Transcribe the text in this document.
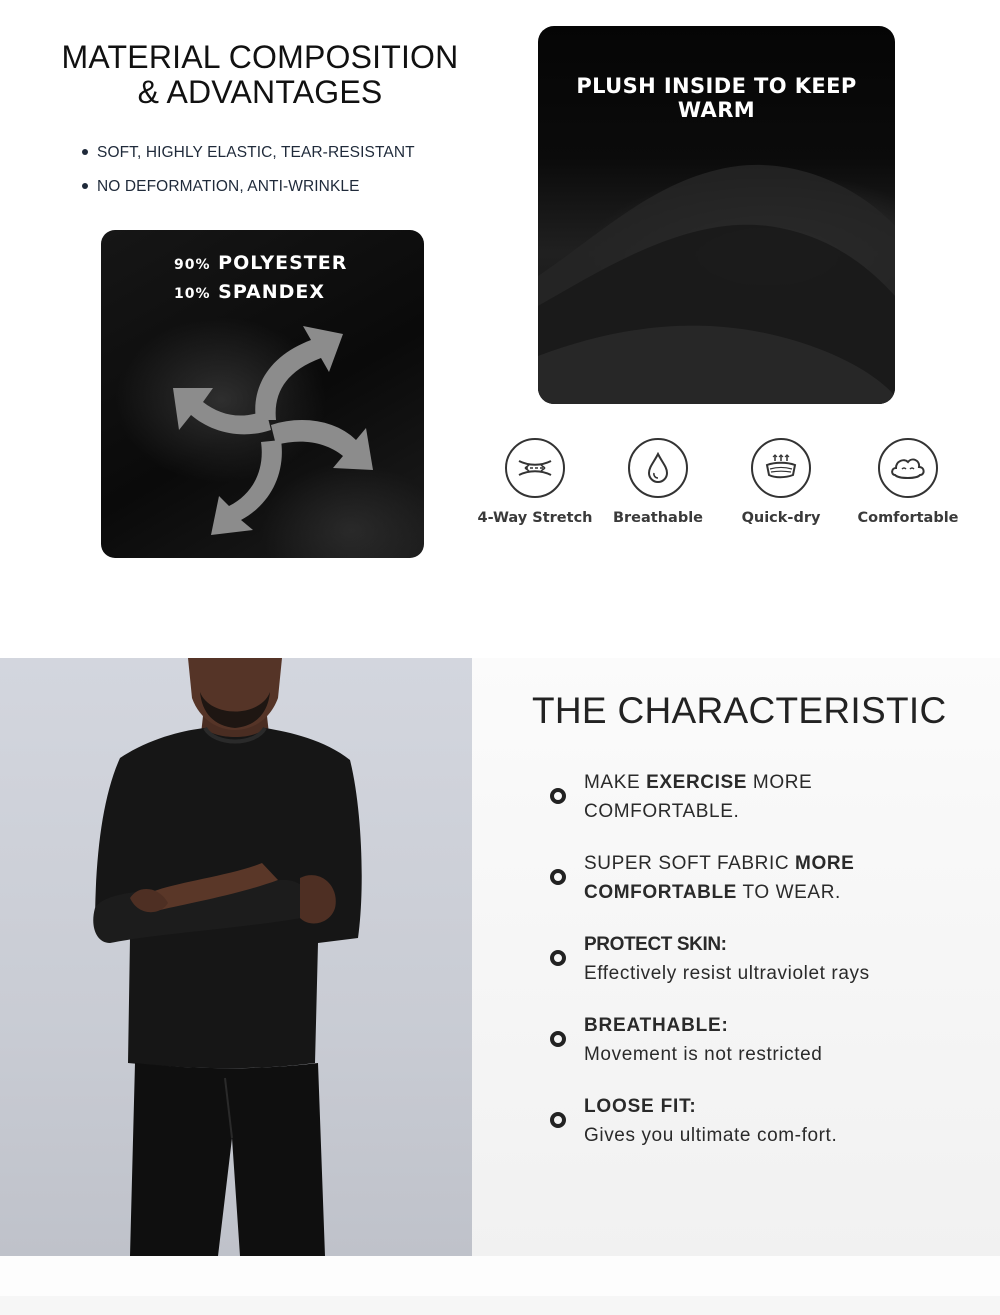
MATERIAL COMPOSITION
& ADVANTAGES
SOFT, HIGHLY ELASTIC, TEAR-RESISTANT
NO DEFORMATION, ANTI-WRINKLE
90% POLYESTER
10% SPANDEX
PLUSH INSIDE TO KEEP WARM
4-Way Stretch	Breathable	Quick-dry	Comfortable
THE CHARACTERISTIC
MAKE EXERCISE MORE
COMFORTABLE.
SUPER SOFT FABRIC MORE
COMFORTABLE TO WEAR.
PROTECT SKIN:
Effectively resist ultraviolet rays
BREATHABLE:
Movement is not restricted
LOOSE FIT:
Gives you ultimate com-fort.
